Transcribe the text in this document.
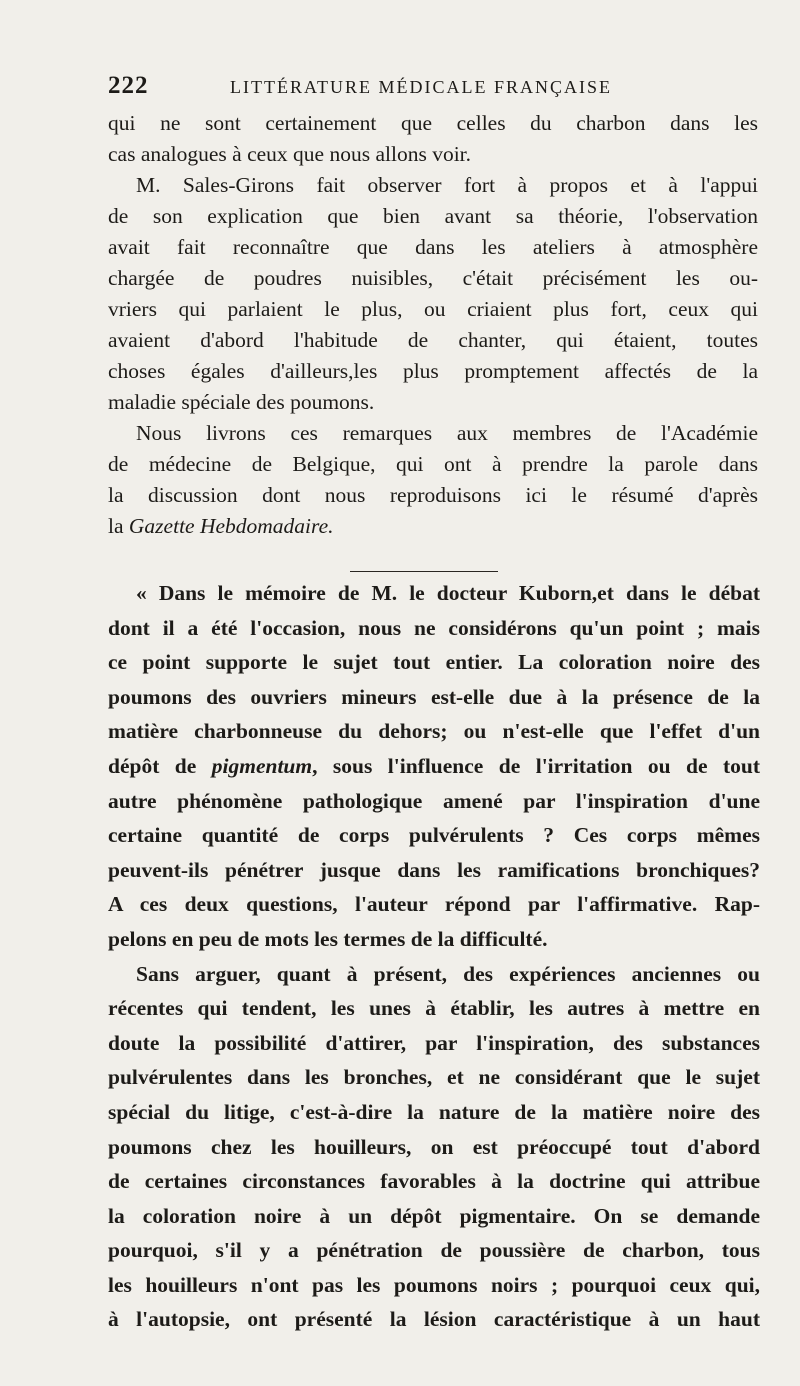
222	LITTÉRATURE MÉDICALE FRANÇAISE
qui ne sont certainement que celles du charbon dans les
cas analogues à ceux que nous allons voir.
M. Sales-Girons fait observer fort à propos et à l'appui
de son explication que bien avant sa théorie, l'observation
avait fait reconnaître que dans les ateliers à atmosphère
chargée de poudres nuisibles, c'était précisément les ou-
vriers qui parlaient le plus, ou criaient plus fort, ceux qui
avaient d'abord l'habitude de chanter, qui étaient, toutes
choses égales d'ailleurs,les plus promptement affectés de la
maladie spéciale des poumons.
Nous livrons ces remarques aux membres de l'Académie
de médecine de Belgique, qui ont à prendre la parole dans
la discussion dont nous reproduisons ici le résumé d'après
la Gazette Hebdomadaire.
« Dans le mémoire de M. le docteur Kuborn,et dans le débat
dont il a été l'occasion, nous ne considérons qu'un point ; mais
ce point supporte le sujet tout entier. La coloration noire des
poumons des ouvriers mineurs est-elle due à la présence de la
matière charbonneuse du dehors; ou n'est-elle que l'effet d'un
dépôt de pigmentum, sous l'influence de l'irritation ou de tout
autre phénomène pathologique amené par l'inspiration d'une
certaine quantité de corps pulvérulents ? Ces corps mêmes
peuvent-ils pénétrer jusque dans les ramifications bronchiques?
A ces deux questions, l'auteur répond par l'affirmative. Rap-
pelons en peu de mots les termes de la difficulté.
Sans arguer, quant à présent, des expériences anciennes ou
récentes qui tendent, les unes à établir, les autres à mettre en
doute la possibilité d'attirer, par l'inspiration, des substances
pulvérulentes dans les bronches, et ne considérant que le sujet
spécial du litige, c'est-à-dire la nature de la matière noire des
poumons chez les houilleurs, on est préoccupé tout d'abord
de certaines circonstances favorables à la doctrine qui attribue
la coloration noire à un dépôt pigmentaire. On se demande
pourquoi, s'il y a pénétration de poussière de charbon, tous
les houilleurs n'ont pas les poumons noirs ; pourquoi ceux qui,
à l'autopsie, ont présenté la lésion caractéristique à un haut
